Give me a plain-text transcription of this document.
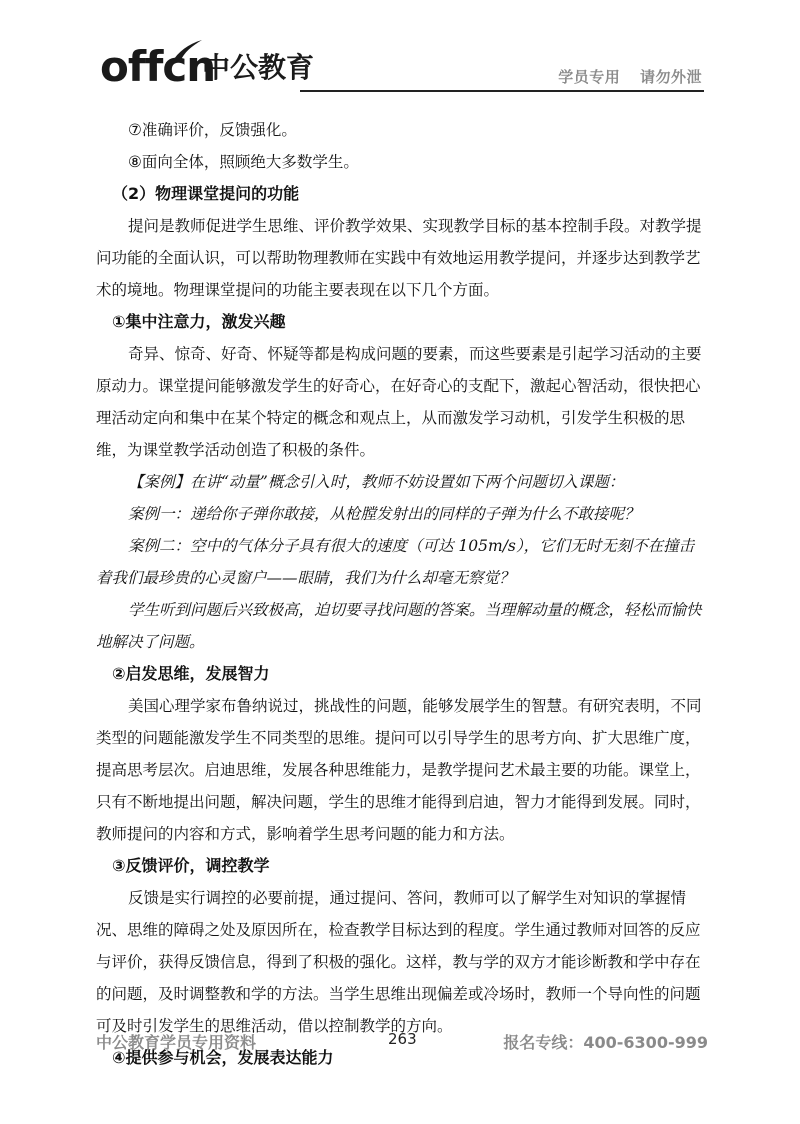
offcn
中公教育	学员专用 请勿外泄

⑦准确评价，反馈强化。

⑧面向全体，照顾绝大多数学生。

（2）物理课堂提问的功能

提问是教师促进学生思维、评价教学效果、实现教学目标的基本控制手段。对教学提问功能的全面认识，可以帮助物理教师在实践中有效地运用教学提问，并逐步达到教学艺术的境地。物理课堂提问的功能主要表现在以下几个方面。

①集中注意力，激发兴趣

奇异、惊奇、好奇、怀疑等都是构成问题的要素，而这些要素是引起学习活动的主要原动力。课堂提问能够激发学生的好奇心，在好奇心的支配下，激起心智活动，很快把心理活动定向和集中在某个特定的概念和观点上，从而激发学习动机，引发学生积极的思维，为课堂教学活动创造了积极的条件。

【案例】在讲“动量”概念引入时，教师不妨设置如下两个问题切入课题：

案例一：递给你子弹你敢接，从枪膛发射出的同样的子弹为什么不敢接呢？

案例二：空中的气体分子具有很大的速度（可达 105m/s），它们无时无刻不在撞击着我们最珍贵的心灵窗户——眼睛，我们为什么却毫无察觉？

学生听到问题后兴致极高，迫切要寻找问题的答案。当理解动量的概念，轻松而愉快地解决了问题。

②启发思维，发展智力

美国心理学家布鲁纳说过，挑战性的问题，能够发展学生的智慧。有研究表明，不同类型的问题能激发学生不同类型的思维。提问可以引导学生的思考方向、扩大思维广度，提高思考层次。启迪思维，发展各种思维能力，是教学提问艺术最主要的功能。课堂上，只有不断地提出问题，解决问题，学生的思维才能得到启迪，智力才能得到发展。同时，教师提问的内容和方式，影响着学生思考问题的能力和方法。

③反馈评价，调控教学

反馈是实行调控的必要前提，通过提问、答问，教师可以了解学生对知识的掌握情况、思维的障碍之处及原因所在，检查教学目标达到的程度。学生通过教师对回答的反应与评价，获得反馈信息，得到了积极的强化。这样，教与学的双方才能诊断教和学中存在的问题，及时调整教和学的方法。当学生思维出现偏差或冷场时，教师一个导向性的问题可及时引发学生的思维活动，借以控制教学的方向。

④提供参与机会，发展表达能力

中公教育学员专用资料	263	报名专线：400-6300-999
